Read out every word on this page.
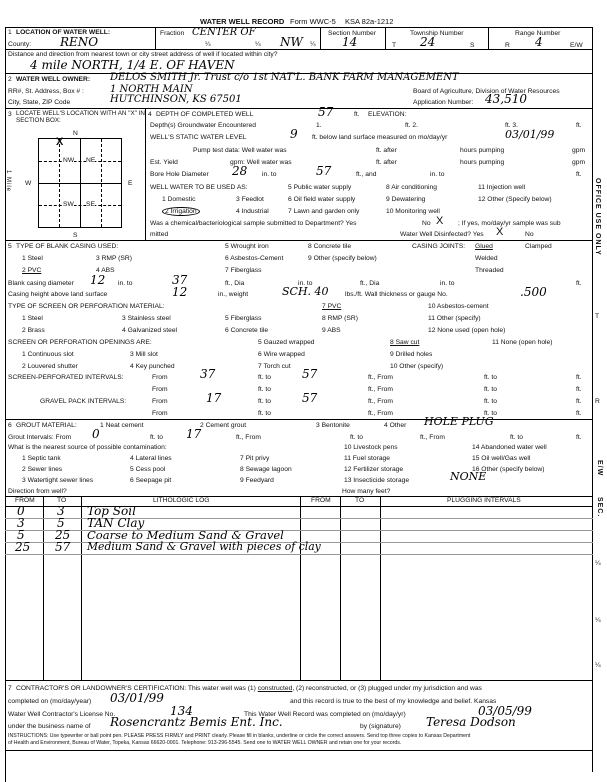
WATER WELL RECORD Form WWC-5 KSA 82a-1212
1 LOCATION OF WATER WELL:
County: RENO
Fraction CENTER OF
¼	¼ NW ¼
Section Number
14
Township Number
T 24	S
Range Number
R 4	E/W
Distance and direction from nearest town or city street address of well if located within city?
4 mile NORTH, 1/4 E. OF HAVEN
2 WATER WELL OWNER: DELOS SMITH Jr. Trust c/o 1st NAT'L. BANK FARM MANAGEMENT
RR#, St. Address, Box # :	1 NORTH MAIN	Board of Agriculture, Division of Water Resources
City, State, ZIP Code	HUTCHINSON, KS 67501	Application Number: 43,510
3 LOCATE WELL'S LOCATION WITH AN "X" IN SECTION BOX:
N
W	E
S
1 Mile
NW NE
SW SE
X
4 DEPTH OF COMPLETED WELL	57	ft. ELEVATION:
Depth(s) Groundwater Encountered	1.	ft. 2.	ft. 3.	ft.
WELL'S STATIC WATER LEVEL	9 ft. below land surface measured on mo/day/yr	03/01/99
Pump test data: Well water was	ft. after	hours pumping	gpm
Est. Yield	gpm: Well water was	ft. after	hours pumping	gpm
Bore Hole Diameter 28 in. to	57	ft., and	in. to	ft.
WELL WATER TO BE USED AS:
1 Domestic
2 Irrigation
3 Feedlot
4 Industrial
5 Public water supply
6 Oil field water supply
7 Lawn and garden only
8 Air conditioning
9 Dewatering
10 Monitoring well
11 Injection well
12 Other (Specify below)
Was a chemical/bacteriological sample submitted to Department? Yes	No X ; If yes, mo/day/yr sample was sub
mitted	Water Well Disinfected? Yes X	No
5 TYPE OF BLANK CASING USED:
1 Steel
2 PVC
3 RMP (SR)
4 ABS
5 Wrought iron
6 Asbestos-Cement
7 Fiberglass
8 Concrete tile
9 Other (specify below)
CASING JOINTS: Glued	Clamped
Welded
Threaded
Blank casing diameter 12 in. to	37	ft., Dia	in. to	ft., Dia	in. to	ft.
Casing height above land surface	12	in., weight	SCH. 40 lbs./ft. Wall thickness or gauge No.	.500
TYPE OF SCREEN OR PERFORATION MATERIAL:
1 Steel
2 Brass
3 Stainless steel
4 Galvanized steel
5 Fiberglass
6 Concrete tile
7 PVC
8 RMP (SR)
9 ABS
10 Asbestos-cement
11 Other (specify)
12 None used (open hole)
SCREEN OR PERFORATION OPENINGS ARE:
1 Continuous slot
2 Louvered shutter
3 Mill slot
4 Key punched
5 Gauzed wrapped
6 Wire wrapped
7 Torch cut
8 Saw cut
9 Drilled holes
10 Other (specify)
11 None (open hole)
SCREEN-PERFORATED INTERVALS:	From	37	ft. to	57	ft., From	ft. to	ft.
From	ft. to	ft., From	ft. to	ft.
GRAVEL PACK INTERVALS:	From	17	ft. to	57	ft., From	ft. to	ft.
From	ft. to	ft., From	ft. to	ft.
6 GROUT MATERIAL:	1 Neat cement	2 Cement grout	3 Bentonite	4 Other HOLE PLUG
Grout Intervals: From 0	ft. to 17	ft., From	ft. to	ft., From	ft. to	ft.
What is the nearest source of possible contamination:
1 Septic tank
2 Sewer lines
3 Watertight sewer lines
4 Lateral lines
5 Cess pool
6 Seepage pit
7 Pit privy
8 Sewage lagoon
9 Feedyard
10 Livestock pens
11 Fuel storage
12 Fertilizer storage
13 Insecticide storage	NONE
14 Abandoned water well
15 Oil well/Gas well
16 Other (specify below)
Direction from well?	How many feet?
FROM	TO	LITHOLOGIC LOG	FROM	TO	PLUGGING INTERVALS
0	3 Top Soil
3	5 TAN Clay
5	25 Coarse to Medium Sand & Gravel
25 57 Medium Sand & Gravel with pieces of clay
7 CONTRACTOR'S OR LANDOWNER'S CERTIFICATION: This water well was (1) constructed, (2) reconstructed, or (3) plugged under my jurisdiction and was
completed on (mo/day/year) 03/01/99	and this record is true to the best of my knowledge and belief. Kansas
Water Well Contractor's License No.	134	This Water Well Record was completed on (mo/day/yr)	03/05/99
under the business name of Rosencrantz Bemis Ent. Inc.	by (signature) Teresa Dodson
INSTRUCTIONS: Use typewriter or ball point pen. PLEASE PRESS FIRMLY and PRINT clearly. Please fill in blanks, underline or circle the correct answers. Send top three copies to Kansas Department
of Health and Environment, Bureau of Water, Topeka, Kansas 66620-0001. Telephone: 913-296-5545. Send one to WATER WELL OWNER and retain one for your records.
OFFICE USE ONLY
T
R
E/W
SEC.
¼
¼
¼
